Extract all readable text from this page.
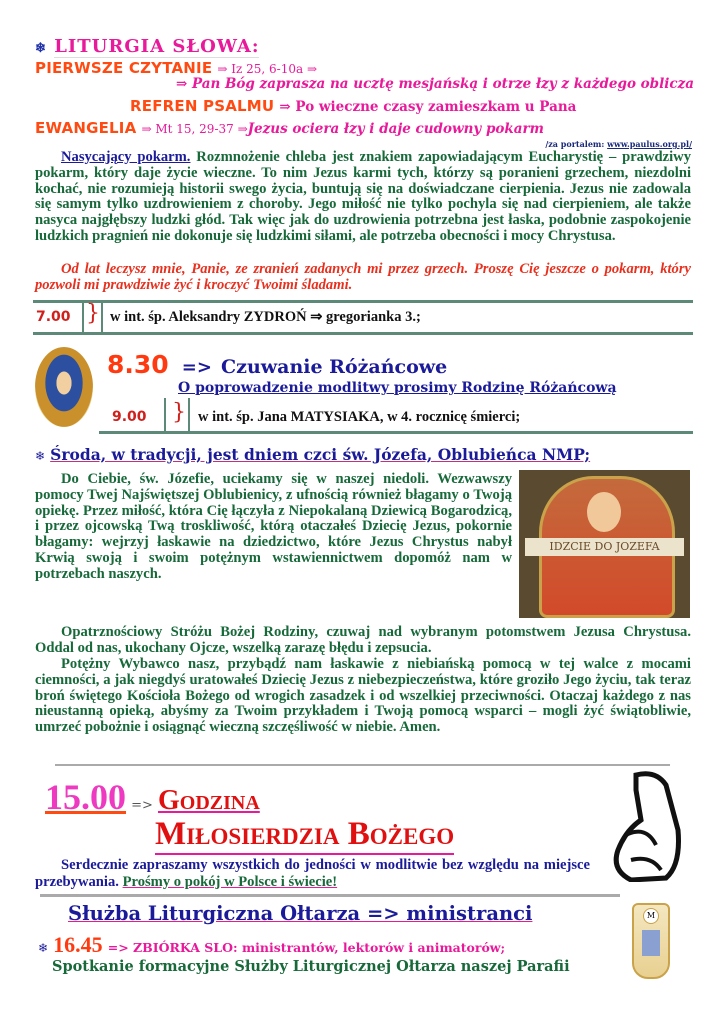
❄ LITURGIA SŁOWA:
PIERWSZE CZYTANIE ⇒ Iz 25, 6-10a ⇒
⇒ Pan Bóg zaprasza na ucztę mesjańską i otrze łzy z każdego oblicza
REFREN PSALMU ⇒ Po wieczne czasy zamieszkam u Pana
EWANGELIA ⇒ Mt 15, 29-37 ⇒Jezus ociera łzy i daje cudowny pokarm
/za portalem: www.paulus.org.pl/
Nasycający pokarm. Rozmnożenie chleba jest znakiem zapowiadającym Eucharystię – prawdziwy pokarm, który daje życie wieczne. To nim Jezus karmi tych, którzy są poranieni grzechem, niezdolni kochać, nie rozumieją historii swego życia, buntują się na doświadczane cierpienia. Jezus nie zadowala się samym tylko uzdrowieniem z choroby. Jego miłość nie tylko pochyla się nad cierpieniem, ale także nasyca najgłębszy ludzki głód. Tak więc jak do uzdrowienia potrzebna jest łaska, podobnie zaspokojenie ludzkich pragnień nie dokonuje się ludzkimi siłami, ale potrzeba obecności i mocy Chrystusa.
Od lat leczysz mnie, Panie, ze zranień zadanych mi przez grzech. Proszę Cię jeszcze o pokarm, który pozwoli mi prawdziwie żyć i kroczyć Twoimi śladami.
7.00 } w int. śp. Aleksandry ZYDROŃ ⇒ gregorianka 3.;
8.30 => Czuwanie Różańcowe
O poprowadzenie modlitwy prosimy Rodzinę Różańcową
9.00 } w int. śp. Jana MATYSIAKA, w 4. rocznicę śmierci;
❄ Środa, w tradycji, jest dniem czci św. Józefa, Oblubieńca NMP;
Do Ciebie, św. Józefie, uciekamy się w naszej niedoli. Wezwawszy pomocy Twej Najświętszej Oblubienicy, z ufnością również błagamy o Twoją opiekę. Przez miłość, która Cię łączyła z Niepokalaną Dziewicą Bogarodzicą, i przez ojcowską Twą troskliwość, którą otaczałeś Dziecię Jezus, pokornie błagamy: wejrzyj łaskawie na dziedzictwo, które Jezus Chrystus nabył Krwią swoją i swoim potężnym wstawiennictwem dopomóż nam w potrzebach naszych.
IDZCIE DO JOZEFA
Opatrznościowy Stróżu Bożej Rodziny, czuwaj nad wybranym potomstwem Jezusa Chrystusa. Oddal od nas, ukochany Ojcze, wszelką zarazę błędu i zepsucia.
Potężny Wybawco nasz, przybądź nam łaskawie z niebiańską pomocą w tej walce z mocami ciemności, a jak niegdyś uratowałeś Dziecię Jezus z niebezpieczeństwa, które groziło Jego życiu, tak teraz broń świętego Kościoła Bożego od wrogich zasadzek i od wszelkiej przeciwności. Otaczaj każdego z nas nieustanną opieką, abyśmy za Twoim przykładem i Twoją pomocą wsparci – mogli żyć świątobliwie, umrzeć pobożnie i osiągnąć wieczną szczęśliwość w niebie. Amen.
15.00 => Godzina
Miłosierdzia Bożego
Serdecznie zapraszamy wszystkich do jedności w modlitwie bez względu na miejsce przebywania. Prośmy o pokój w Polsce i świecie!
Służba Liturgiczna Ołtarza => ministranci
❄ 16.45 => ZBIÓRKA SLO: ministrantów, lektorów i animatorów;
Spotkanie formacyjne Służby Liturgicznej Ołtarza naszej Parafii
M
